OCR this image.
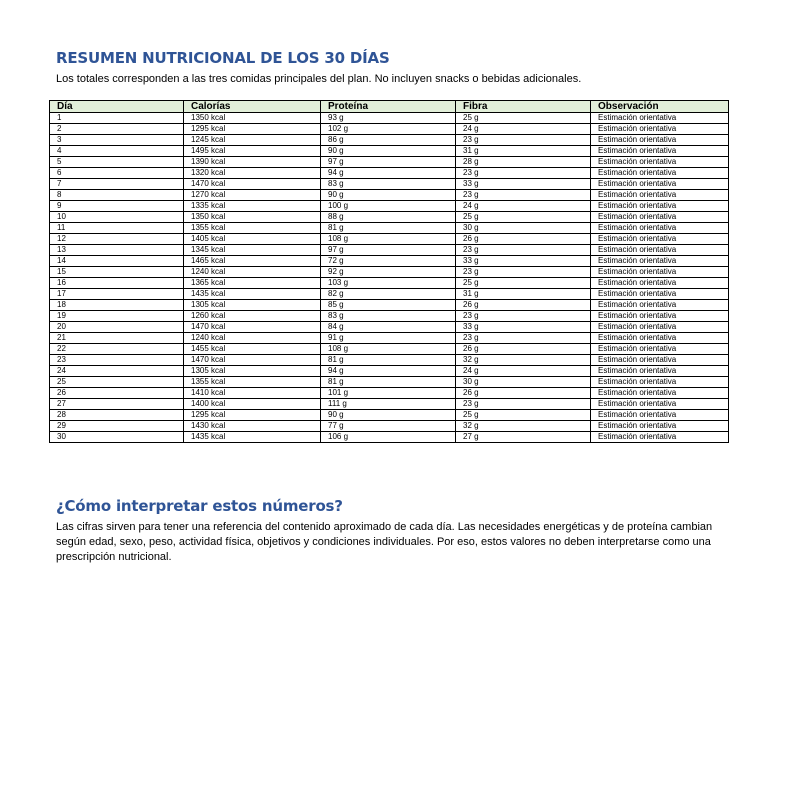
RESUMEN NUTRICIONAL DE LOS 30 DÍAS

Los totales corresponden a las tres comidas principales del plan. No incluyen snacks o bebidas adicionales.

Día	Calorías	Proteína	Fibra	Observación
1	1350 kcal	93 g	25 g	Estimación orientativa
2	1295 kcal	102 g	24 g	Estimación orientativa
3	1245 kcal	86 g	23 g	Estimación orientativa
4	1495 kcal	90 g	31 g	Estimación orientativa
5	1390 kcal	97 g	28 g	Estimación orientativa
6	1320 kcal	94 g	23 g	Estimación orientativa
7	1470 kcal	83 g	33 g	Estimación orientativa
8	1270 kcal	90 g	23 g	Estimación orientativa
9	1335 kcal	100 g	24 g	Estimación orientativa
10	1350 kcal	88 g	25 g	Estimación orientativa
11	1355 kcal	81 g	30 g	Estimación orientativa
12	1405 kcal	108 g	26 g	Estimación orientativa
13	1345 kcal	97 g	23 g	Estimación orientativa
14	1465 kcal	72 g	33 g	Estimación orientativa
15	1240 kcal	92 g	23 g	Estimación orientativa
16	1365 kcal	103 g	25 g	Estimación orientativa
17	1435 kcal	82 g	31 g	Estimación orientativa
18	1305 kcal	85 g	26 g	Estimación orientativa
19	1260 kcal	83 g	23 g	Estimación orientativa
20	1470 kcal	84 g	33 g	Estimación orientativa
21	1240 kcal	91 g	23 g	Estimación orientativa
22	1455 kcal	108 g	26 g	Estimación orientativa
23	1470 kcal	81 g	32 g	Estimación orientativa
24	1305 kcal	94 g	24 g	Estimación orientativa
25	1355 kcal	81 g	30 g	Estimación orientativa
26	1410 kcal	101 g	26 g	Estimación orientativa
27	1400 kcal	111 g	23 g	Estimación orientativa
28	1295 kcal	90 g	25 g	Estimación orientativa
29	1430 kcal	77 g	32 g	Estimación orientativa
30	1435 kcal	106 g	27 g	Estimación orientativa
¿Cómo interpretar estos números?

Las cifras sirven para tener una referencia del contenido aproximado de cada día. Las necesidades energéticas y de proteína cambian según edad, sexo, peso, actividad física, objetivos y condiciones individuales. Por eso, estos valores no deben interpretarse como una prescripción nutricional.
